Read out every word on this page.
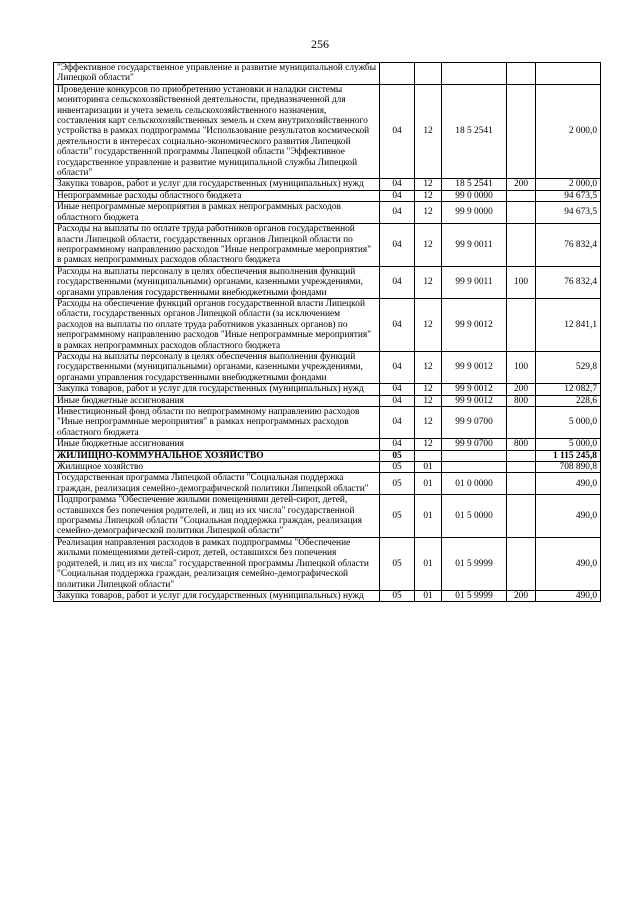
256
"Эффективное государственное управление и развитие муниципальной службы Липецкой области"					
Проведение конкурсов по приобретению установки и наладки системы мониторинга сельскохозяйственной деятельности, предназначенной для инвентаризации и учета земель сельскохозяйственного назначения, составления карт сельскохозяйственных земель и схем внутрихозяйственного устройства в рамках подпрограммы "Использование результатов космической деятельности в интересах социально-экономического развития Липецкой области" государственной программы Липецкой области "Эффективное государственное управление и развитие муниципальной службы Липецкой области"	04	12	18 5 2541		2 000,0
Закупка товаров, работ и услуг для государственных (муниципальных) нужд	04	12	18 5 2541	200	2 000,0
Непрограммные расходы областного бюджета	04	12	99 0 0000		94 673,5
Иные непрограммные мероприятия в рамках непрограммных расходов областного бюджета	04	12	99 9 0000		94 673,5
Расходы на выплаты по оплате труда работников органов государственной власти Липецкой области, государственных органов Липецкой области по непрограммному направлению расходов "Иные непрограммные мероприятия" в рамках непрограммных расходов областного бюджета	04	12	99 9 0011		76 832,4
Расходы на выплаты персоналу в целях обеспечения выполнения функций государственными (муниципальными) органами, казенными учреждениями, органами управления государственными внебюджетными фондами	04	12	99 9 0011	100	76 832,4
Расходы на обеспечение функций органов государственной власти Липецкой области, государственных органов Липецкой области (за исключением расходов на выплаты по оплате труда работников указанных органов) по непрограммному направлению расходов "Иные непрограммные мероприятия" в рамках непрограммных расходов областного бюджета	04	12	99 9 0012		12 841,1
Расходы на выплаты персоналу в целях обеспечения выполнения функций государственными (муниципальными) органами, казенными учреждениями, органами управления государственными внебюджетными фондами	04	12	99 9 0012	100	529,8
Закупка товаров, работ и услуг для государственных (муниципальных) нужд	04	12	99 9 0012	200	12 082,7
Иные бюджетные ассигнования	04	12	99 9 0012	800	228,6
Инвестиционный фонд области по непрограммному направлению расходов "Иные непрограммные мероприятия" в рамках непрограммных расходов областного бюджета	04	12	99 9 0700		5 000,0
Иные бюджетные ассигнования	04	12	99 9 0700	800	5 000,0
ЖИЛИЩНО-КОММУНАЛЬНОЕ ХОЗЯЙСТВО	05				1 115 245,8
Жилищное хозяйство	05	01			708 890,8
Государственная программа Липецкой области "Социальная поддержка граждан, реализация семейно-демографической политики Липецкой области"	05	01	01 0 0000		490,0
Подпрограмма "Обеспечение жилыми помещениями детей-сирот, детей, оставшихся без попечения родителей, и лиц из их числа" государственной программы Липецкой области "Социальная поддержка граждан, реализация семейно-демографической политики Липецкой области"	05	01	01 5 0000		490,0
Реализация направления расходов в рамках подпрограммы "Обеспечение жилыми помещениями детей-сирот, детей, оставшихся без попечения родителей, и лиц из их числа" государственной программы Липецкой области "Социальная поддержка граждан, реализация семейно-демографической политики Липецкой области"	05	01	01 5 9999		490,0
Закупка товаров, работ и услуг для государственных (муниципальных) нужд	05	01	01 5 9999	200	490,0
